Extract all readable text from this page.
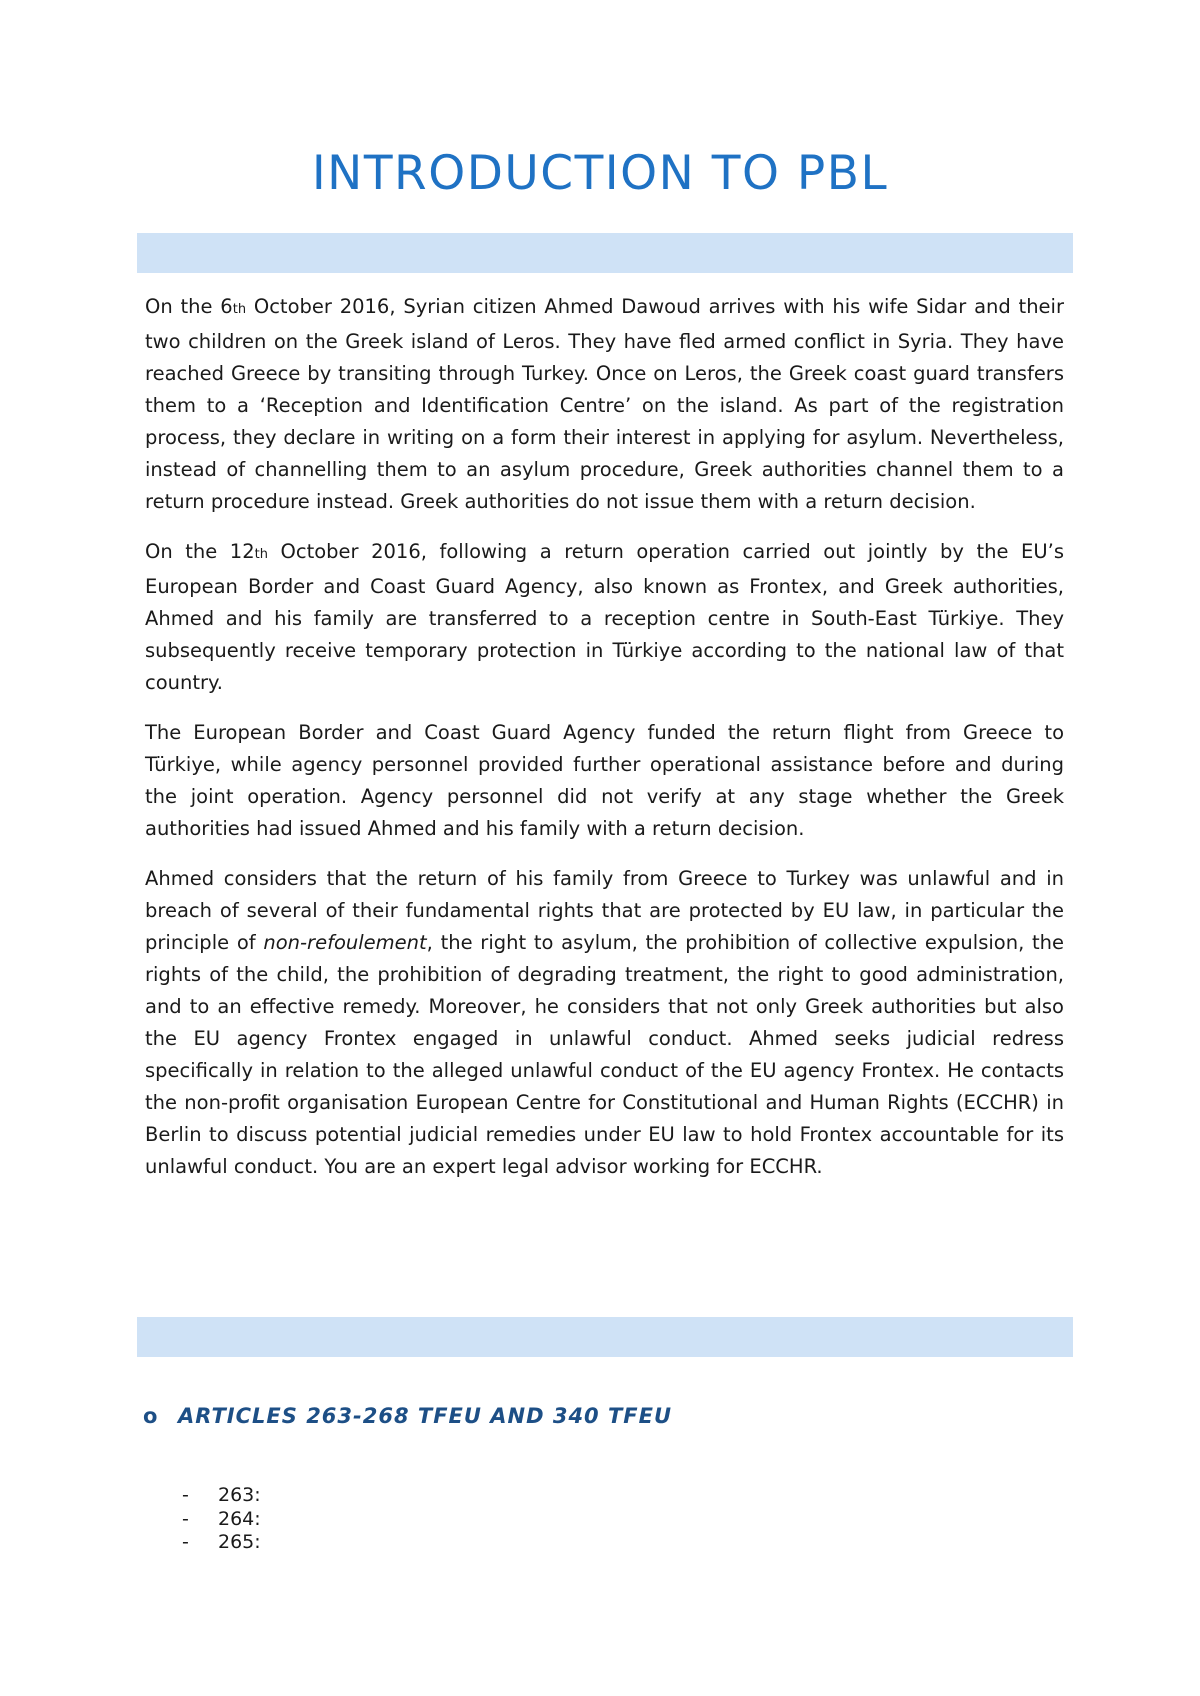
INTRODUCTION TO PBL

On the 6th October 2016, Syrian citizen Ahmed Dawoud arrives with his wife Sidar and their two children on the Greek island of Leros. They have fled armed conflict in Syria. They have reached Greece by transiting through Turkey. Once on Leros, the Greek coast guard transfers them to a ‘Reception and Identification Centre’ on the island. As part of the registration process, they declare in writing on a form their interest in applying for asylum. Nevertheless, instead of channelling them to an asylum procedure, Greek authorities channel them to a return procedure instead. Greek authorities do not issue them with a return decision.

On the 12th October 2016, following a return operation carried out jointly by the EU’s European Border and Coast Guard Agency, also known as Frontex, and Greek authorities, Ahmed and his family are transferred to a reception centre in South-East Türkiye. They subsequently receive temporary protection in Türkiye according to the national law of that country.

The European Border and Coast Guard Agency funded the return flight from Greece to Türkiye, while agency personnel provided further operational assistance before and during the joint operation. Agency personnel did not verify at any stage whether the Greek authorities had issued Ahmed and his family with a return decision.

Ahmed considers that the return of his family from Greece to Turkey was unlawful and in breach of several of their fundamental rights that are protected by EU law, in particular the principle of non-refoulement, the right to asylum, the prohibition of collective expulsion, the rights of the child, the prohibition of degrading treatment, the right to good administration, and to an effective remedy. Moreover, he considers that not only Greek authorities but also the EU agency Frontex engaged in unlawful conduct. Ahmed seeks judicial redress specifically in relation to the alleged unlawful conduct of the EU agency Frontex. He contacts the non-profit organisation European Centre for Constitutional and Human Rights (ECCHR) in Berlin to discuss potential judicial remedies under EU law to hold Frontex accountable for its unlawful conduct. You are an expert legal advisor working for ECCHR.

o ARTICLES 263-268 TFEU AND 340 TFEU
- 263:
- 264:
- 265:
